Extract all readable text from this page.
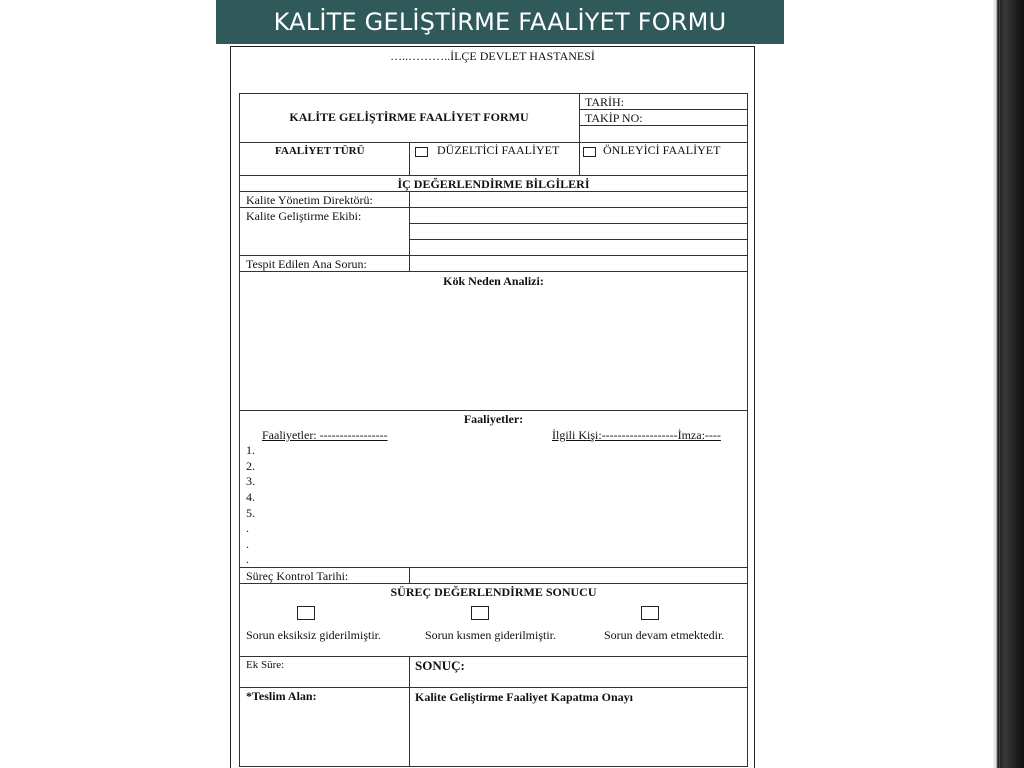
KALİTE GELİŞTİRME FAALİYET FORMU
…..………..İLÇE DEVLET HASTANESİ
KALİTE GELİŞTİRME FAALİYET FORMU
TARİH:
TAKİP NO:
FAALİYET TÜRÜ	DÜZELTİCİ FAALİYET	ÖNLEYİCİ FAALİYET
İÇ DEĞERLENDİRME BİLGİLERİ
Kalite Yönetim Direktörü:
Kalite Geliştirme Ekibi:
Tespit Edilen Ana Sorun:
Kök Neden Analizi:
Faaliyetler:
Faaliyetler: -----------------	İlgili Kişi:-------------------İmza:----
1.
2.
3.
4.
5.
.
.
.
Süreç Kontrol Tarihi:
SÜREÇ DEĞERLENDİRME SONUCU
Sorun eksiksiz giderilmiştir.	Sorun kısmen giderilmiştir.	Sorun devam etmektedir.
Ek Süre:	SONUÇ:
*Teslim Alan:	Kalite Geliştirme Faaliyet Kapatma Onayı
